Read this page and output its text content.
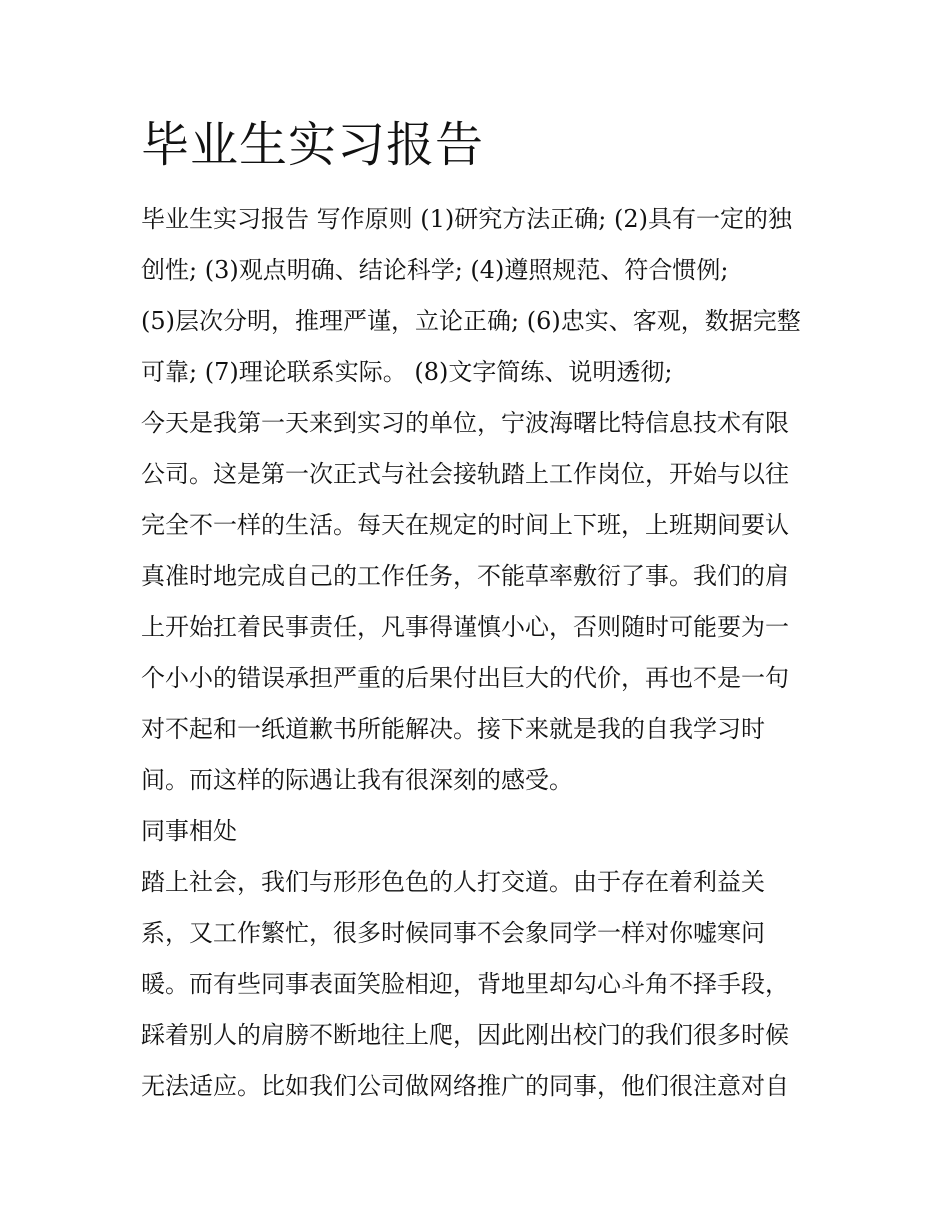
毕业生实习报告

毕业生实习报告 写作原则 (1)研究方法正确; (2)具有一定的独
创性; (3)观点明确、结论科学; (4)遵照规范、符合惯例;
(5)层次分明，推理严谨，立论正确; (6)忠实、客观，数据完整
可靠; (7)理论联系实际。 (8)文字简练、说明透彻;

今天是我第一天来到实习的单位，宁波海曙比特信息技术有限
公司。这是第一次正式与社会接轨踏上工作岗位，开始与以往
完全不一样的生活。每天在规定的时间上下班，上班期间要认
真准时地完成自己的工作任务，不能草率敷衍了事。我们的肩
上开始扛着民事责任，凡事得谨慎小心，否则随时可能要为一
个小小的错误承担严重的后果付出巨大的代价，再也不是一句
对不起和一纸道歉书所能解决。接下来就是我的自我学习时
间。而这样的际遇让我有很深刻的感受。

同事相处

踏上社会，我们与形形色色的人打交道。由于存在着利益关
系，又工作繁忙，很多时候同事不会象同学一样对你嘘寒问
暖。而有些同事表面笑脸相迎，背地里却勾心斗角不择手段，
踩着别人的肩膀不断地往上爬，因此刚出校门的我们很多时候
无法适应。比如我们公司做网络推广的同事，他们很注意对自
